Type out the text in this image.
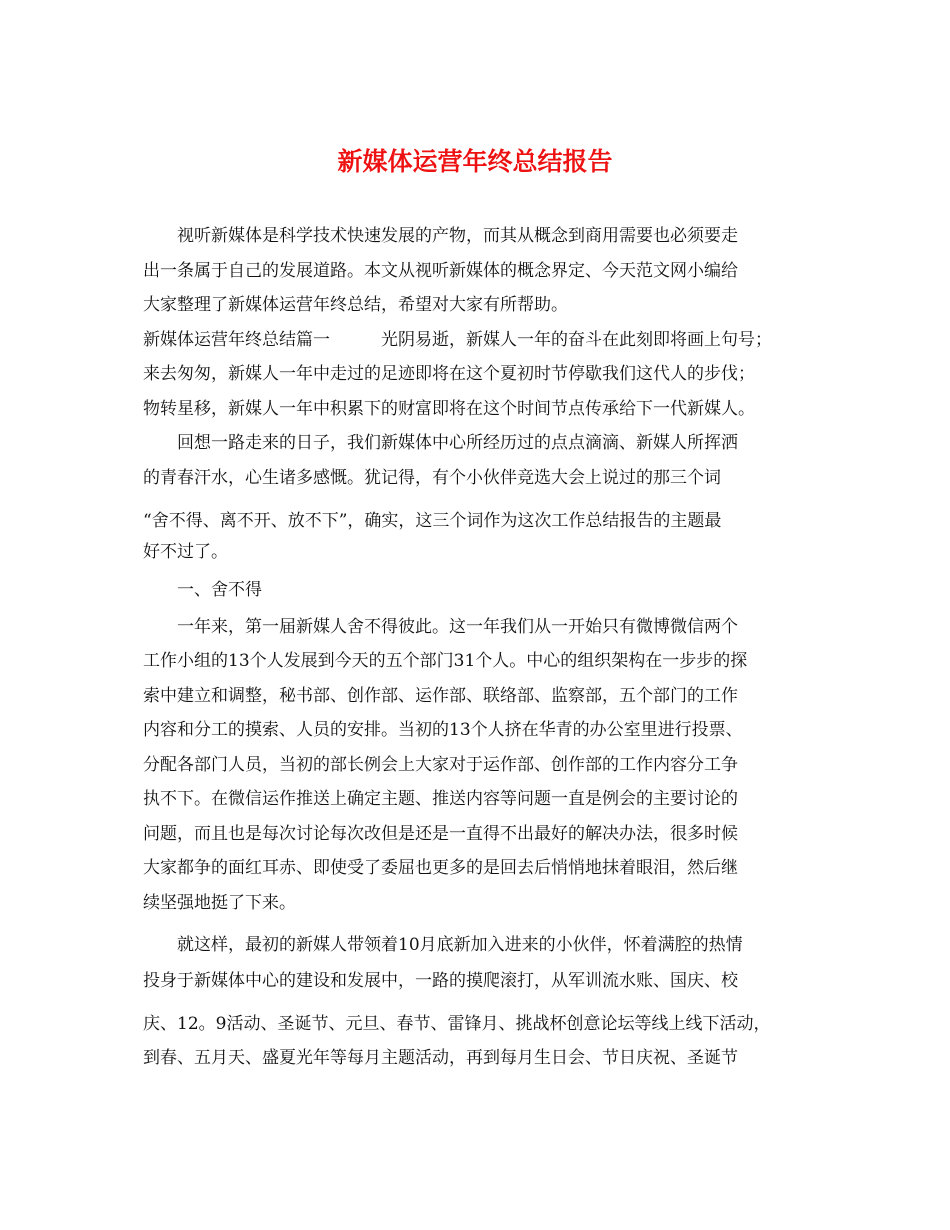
新媒体运营年终总结报告
　　视听新媒体是科学技术快速发展的产物，而其从概念到商用需要也必须要走
出一条属于自己的发展道路。本文从视听新媒体的概念界定、今天范文网小编给
大家整理了新媒体运营年终总结，希望对大家有所帮助。
新媒体运营年终总结篇一　　　光阴易逝，新媒人一年的奋斗在此刻即将画上句号；
来去匆匆，新媒人一年中走过的足迹即将在这个夏初时节停歇我们这代人的步伐；
物转星移，新媒人一年中积累下的财富即将在这个时间节点传承给下一代新媒人。
　　回想一路走来的日子，我们新媒体中心所经历过的点点滴滴、新媒人所挥洒
的青春汗水，心生诸多感慨。犹记得，有个小伙伴竞选大会上说过的那三个词
“舍不得、离不开、放不下”，确实，这三个词作为这次工作总结报告的主题最
好不过了。
　　一、舍不得
　　一年来，第一届新媒人舍不得彼此。这一年我们从一开始只有微博微信两个
工作小组的13个人发展到今天的五个部门31个人。中心的组织架构在一步步的探
索中建立和调整，秘书部、创作部、运作部、联络部、监察部，五个部门的工作
内容和分工的摸索、人员的安排。当初的13个人挤在华青的办公室里进行投票、
分配各部门人员，当初的部长例会上大家对于运作部、创作部的工作内容分工争
执不下。在微信运作推送上确定主题、推送内容等问题一直是例会的主要讨论的
问题，而且也是每次讨论每次改但是还是一直得不出最好的解决办法，很多时候
大家都争的面红耳赤、即使受了委屈也更多的是回去后悄悄地抹着眼泪，然后继
续坚强地挺了下来。
　　就这样，最初的新媒人带领着10月底新加入进来的小伙伴，怀着满腔的热情
投身于新媒体中心的建设和发展中，一路的摸爬滚打，从军训流水账、国庆、校
庆、12。9活动、圣诞节、元旦、春节、雷锋月、挑战杯创意论坛等线上线下活动，
到春、五月天、盛夏光年等每月主题活动，再到每月生日会、节日庆祝、圣诞节
